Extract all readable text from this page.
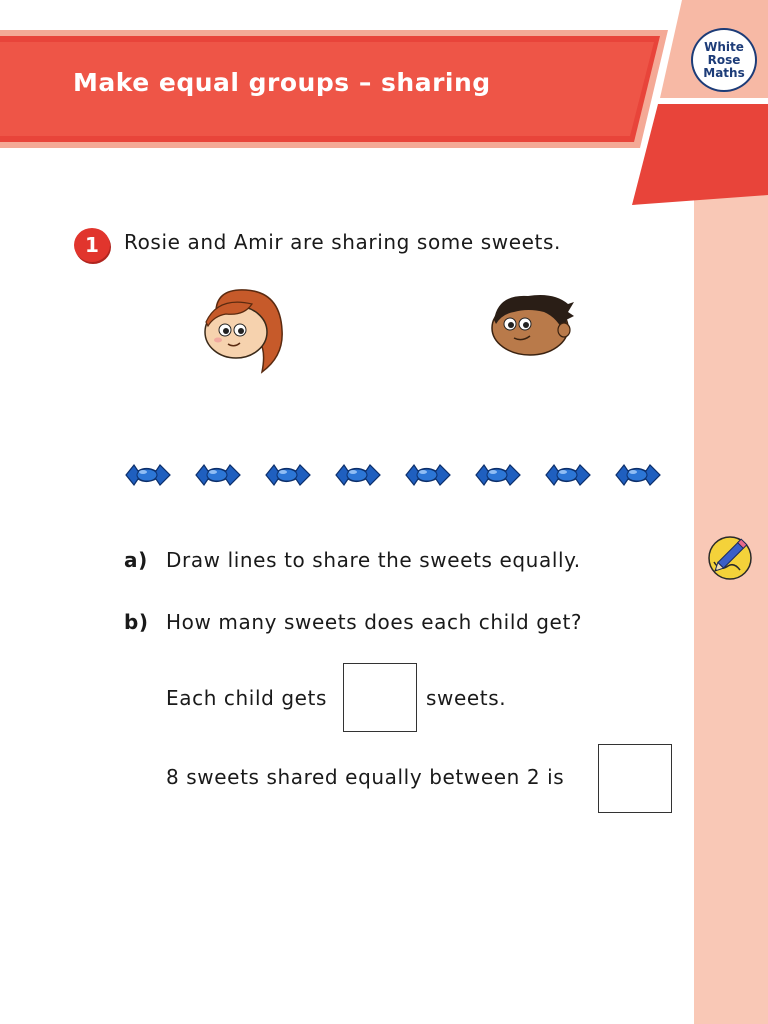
Make equal groups – sharing
White
Rose
Maths
1 Rosie and Amir are sharing some sweets.
a) Draw lines to share the sweets equally.
b) How many sweets does each child get?
Each child gets	sweets.
8 sweets shared equally between 2 is
